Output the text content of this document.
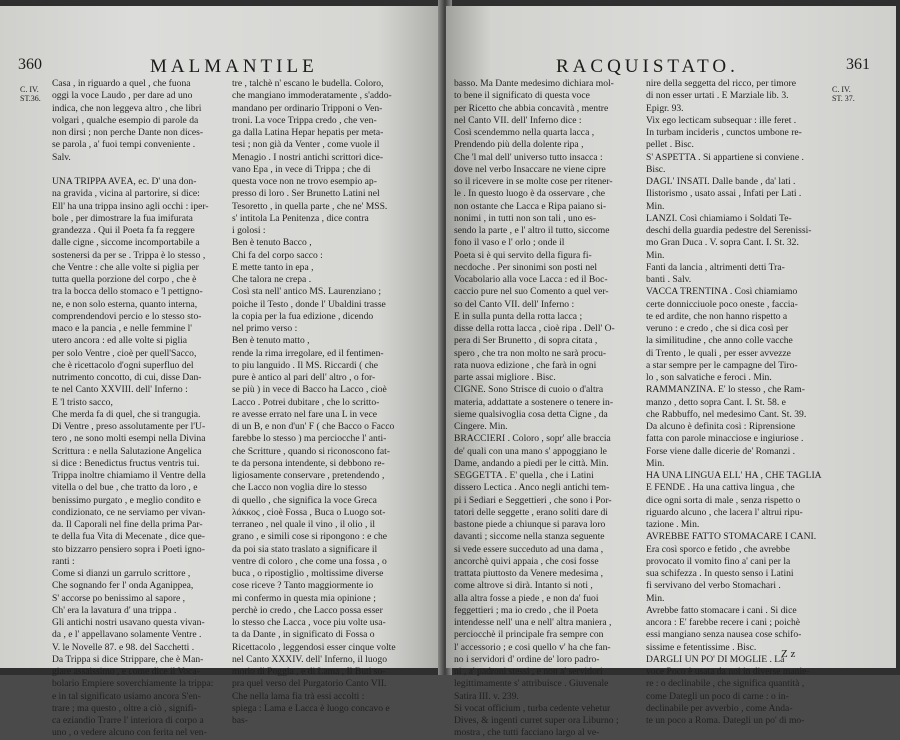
360	MALMANTILE
C. IV.
ST.36.
Casa , in riguardo a quel , che fuona
oggi la voce Laudo , per dare ad uno
indica, che non leggeva altro , che libri
volgari , qualche esempio di parole da
non dirsi ; non perche Dante non dices-
se parola , a' fuoi tempi conveniente .
Salv.
UNA TRIPPA AVEA, ec. D' una don-
na gravida , vicina al partorire, si dice:
Ell' ha una trippa insino agli occhi : iper-
bole , per dimostrare la fua imifurata
grandezza . Qui il Poeta fa fa reggere
dalle cigne , siccome incomportabile a
sostenersi da per se . Trippa è lo stesso ,
che Ventre : che alle volte si piglia per
tutta quella porzione del corpo , che è
tra la bocca dello stomaco e 'l pettigno-
ne, e non solo esterna, quanto interna,
comprendendovi percio e lo stesso sto-
maco e la pancia , e nelle femmine l'
utero ancora : ed alle volte si piglia
per solo Ventre , cioè per quell'Sacco,
che è ricettacolo d'ogni superfluo del
nutrimento concotto, di cui, disse Dan-
te nel Canto XXVIII. dell' Inferno :
E 'l tristo sacco,
Che merda fa di quel, che si trangugia.
Di Ventre , preso assolutamente per l'U-
tero , ne sono molti esempi nella Divina
Scrittura : e nella Salutazione Angelica
si dice : Benedictus fructus ventris tui.
Trippa inoltre chiamiamo il Ventre della
vitella o del bue , che tratto da loro , e
benissimo purgato , e meglio condito e
condizionato, ce ne serviamo per vivan-
da. Il Caporali nel fine della prima Par-
te della fua Vita di Mecenate , dice que-
sto bizzarro pensiero sopra i Poeti igno-
ranti :
Come si dianzi un garrulo scrittore ,
Che sognando fer l' onda Aganippea,
S' accorse po benissimo al sapore ,
Ch' era la lavatura d' una trippa .
Gli antichi nostri usavano questa vivan-
da , e l' appellavano solamente Ventre .
V. le Novelle 87. e 98. del Sacchetti .
Da Trippa si dice Strippare, che è Man-
giare assaissimo , e come dice il Voca-
bolario Empiere soverchiamente la trippa:
e in tal significato usiamo ancora S'en-
trare ; ma questo , oltre a ciò , signifi-
ca eziandio Trarre l' interiora di corpo a
uno , o vedere alcuno con ferita nel ven-
tre , talchè n' escano le budella. Coloro,
che mangiano immoderatamente , s'addo-
mandano per ordinario Tripponi o Ven-
troni. La voce Trippa credo , che ven-
ga dalla Latina Hepar hepatis per meta-
tesi ; non già da Venter , come vuole il
Menagio . I nostri antichi scrittori dice-
vano Epa , in vece di Trippa ; che di
questa voce non ne trovo esempio ap-
presso di loro . Ser Brunetto Latini nel
Tesoretto , in quella parte , che ne' MSS.
s' intitola La Penitenza , dice contra
i golosi :
Ben è tenuto Bacco ,
Chi fa del corpo sacco :
E mette tanto in epa ,
Che talora ne crepa .
Così sta nell' antico MS. Laurenziano ;
poiche il Testo , donde l' Ubaldini trasse
la copia per la fua edizione , dicendo
nel primo verso :
Ben è tenuto matto ,
rende la rima irregolare, ed il fentimen-
to piu languido . Il MS. Riccardi ( che
pure è antico al pari dell' altro , o for-
se più ) in vece di Bacco ha Lacco , cioè
Lacco . Potrei dubitare , che lo scritto-
re avesse errato nel fare una L in vece
di un B, e non d'un' F ( che Bacco o Facco
farebbe lo stesso ) ma perciocche l' anti-
che Scritture , quando si riconoscono fat-
te da persona intendente, si debbono re-
ligiosamente conservare , pretendendo ,
che Lacco non voglia dire lo stesso
di quello , che significa la voce Greca
λάκκος , cioè Fossa , Buca o Luogo sot-
terraneo , nel quale il vino , il olio , il
grano , e simili cose si ripongono : e che
da poi sia stato traslato a significare il
ventre di coloro , che come una fossa , o
buca , o ripostiglio , moltissime diverse
cose riceve ? Tanto maggiormente io
mi confermo in questa mia opinione ;
perchè io credo , che Lacco possa esser
lo stesso che Lacca , voce piu volte usa-
ta da Dante , in significato di Fossa o
Ricettacolo , leggendosi esser cinque volte
nel Canto XXXIV. dell' Inferno, il luogo
morio di Poggia , e di Lama , Il Buti so-
pra quel verso del Purgatorio Canto VII.
Che nella lama fia trà essi accolti :
spiega : Lama e Lacca è luogo concavo e
bas-
RACQUISTATO.	361
C. IV.
ST. 37.
basso. Ma Dante medesimo dichiara mol-
to bene il significato di questa voce
per Ricetto che abbia concavità , mentre
nel Canto VII. dell' Inferno dice :
Così scendemmo nella quarta lacca ,
Prendendo più della dolente ripa ,
Che 'l mal dell' universo tutto insacca :
dove nel verbo Insaccare ne viene cipre
so il ricevere in se molte cose per ritener-
le . In questo luogo è da osservare , che
non ostante che Lacca e Ripa paiano si-
nonimi , in tutti non son tali , uno es-
sendo la parte , e l' altro il tutto, siccome
fono il vaso e l' orlo ; onde il
Poeta si è qui servito della figura fi-
necdoche . Per sinonimi son posti nel
Vocabolario alla voce Lacca : ed il Boc-
caccio pure nel suo Comento a quel ver-
so del Canto VII. dell' Inferno :
E in sulla punta della rotta lacca ;
disse della rotta lacca , cioè ripa . Dell' O-
pera di Ser Brunetto , di sopra citata ,
spero , che tra non molto ne sarà procu-
rata nuova edizione , che farà in ogni
parte assai migliore . Bisc.
CIGNE. Sono Strisce di cuoio o d'altra
materia, addattate a sostenere o tenere in-
sieme qualsivoglia cosa detta Cigne , da
Cingere. Min.
BRACCIERI . Coloro , sopr' alle braccia
de' quali con una mano s' appoggiano le
Dame, andando a piedi per le città. Min.
SEGGETTA . E' quella , che i Latini
dissero Lectica . Anco negli antichi tem-
pi i Sediari e Seggettieri , che sono i Por-
tatori delle seggette , erano soliti dare di
bastone piede a chiunque si parava loro
davanti ; siccome nella stanza seguente
si vede essere succeduto ad una dama ,
ancorchè quivi appaia , che cosi fosse
trattata piuttosto da Venere medesima ,
come altrove si dirà. Intanto si noti ,
alla altra fosse a piede , e non da' fuoi
feggettieri ; ma io credo , che il Poeta
intendesse nell' una e nell' altra maniera ,
perciocchè il principale fra sempre con
l' accessorio ; e cosi quello v' ha che fan-
no i servidori d' ordine de' loro padro-
ni , a' padroni stessi , e non a' servidori
legittimamente s' attribuisce . Giuvenale
Satira III. v. 239.
Si vocat officium , turba cedente vehetur
Dives, & ingenti curret super ora Liburno ;
mostra , che tutti facciano largo al ve-
nire della seggetta del ricco, per timore
di non esser urtati . E Marziale lib. 3.
Epigr. 93.
Vix ego lecticam subsequar : ille feret .
In turbam incideris , cunctos umbone re-
pellet . Bisc.
S' ASPETTA . Si appartiene si conviene .
Bisc.
DAGL' INSATI. Dalle bande , da' lati .
Ilistorismo , usato assai , Infati per Lati .
Min.
LANZI. Così chiamiamo i Soldati Te-
deschi della guardia pedestre del Serenissi-
mo Gran Duca . V. sopra Cant. I. St. 32.
Min.
Fanti da lancia , altrimenti detti Tra-
banti . Salv.
VACCA TRENTINA . Così chiamiamo
certe donnicciuole poco oneste , faccia-
te ed ardite, che non hanno rispetto a
veruno : e credo , che si dica così per
la similitudine , che anno colle vacche
di Trento , le quali , per esser avvezze
a star sempre per le campagne del Tiro-
lo , son salvatiche e feroci . Min.
RAMMANZINA. E' lo stesso , che Ram-
manzo , detto sopra Cant. I. St. 58. e
che Rabbuffo, nel medesimo Cant. St. 39.
Da alcuno è definita così : Riprensione
fatta con parole minacciose e ingiuriose .
Forse viene dalle dicerie de' Romanzi .
Min.
HA UNA LINGUA ELL' HA , CHE TAGLIA
E FENDE . Ha una cattiva lingua , che
dice ogni sorta di male , senza rispetto o
riguardo alcuno , che lacera l' altrui ripu-
tazione . Min.
AVREBBE FATTO STOMACARE I CANI.
Era così sporco e fetido , che avrebbe
provocato il vomito fino a' cani per la
sua schifezza . In questo senso i Latini
fi servivano del verbo Stomachari .
Min.
Avrebbe fatto stomacare i cani . Si dice
ancora : E' farebbe recere i cani ; poichè
essi mangiano senza nausea cose schifo-
sissime e fetentissime . Bisc.
DARGLI UN PO' DI MOGLIE . La
voce Poco è usata da noi in diverse manie-
re : o declinabile , che significa quantità ,
come Dategli un poco di carne : o in-
declinabile per avverbio , come Anda-
te un poco a Roma. Dategli un po' di mo-
Z z
